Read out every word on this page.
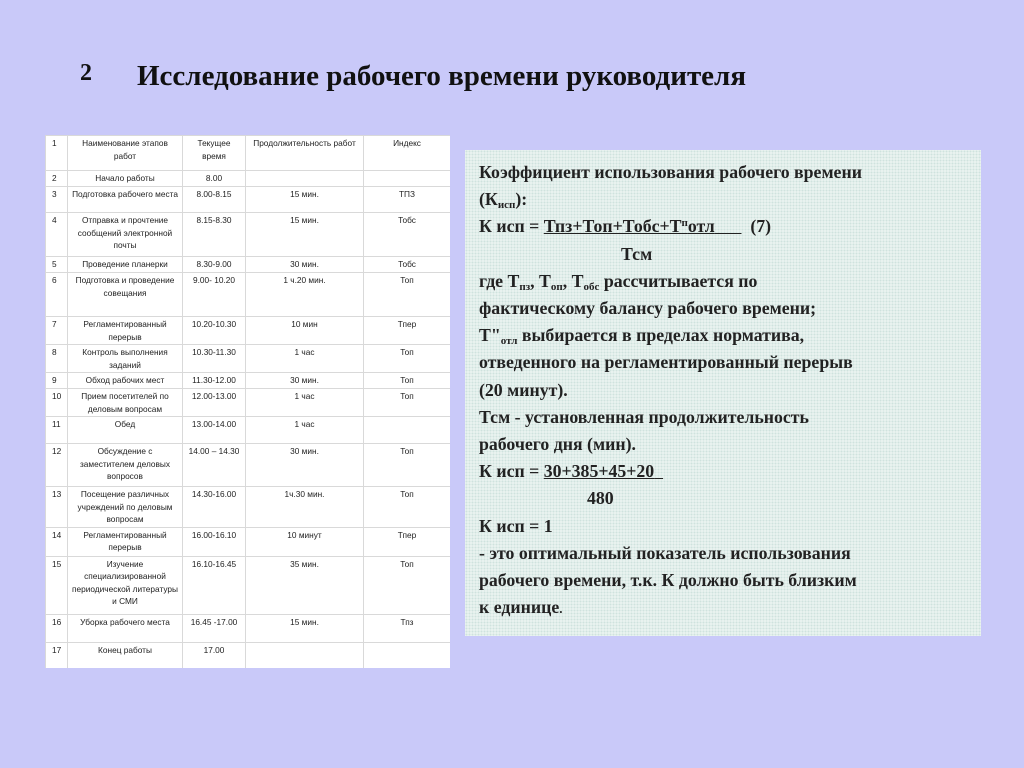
2 Исследование рабочего времени руководителя
1	Наименование этапов работ	Текущее время	Продолжительность работ	Индекс
2	Начало работы	8.00		
3	Подготовка рабочего места	8.00-8.15	15 мин.	ТПЗ
4	Отправка и прочтение сообщений электронной почты	8.15-8.30	15 мин.	Тобс
5	Проведение планерки	8.30-9.00	30 мин.	Тобс
6	Подготовка и проведение совещания	9.00- 10.20	1 ч.20 мин.	Топ
7	Регламентированный перерыв	10.20-10.30	10 мин	Тпер
8	Контроль выполнения заданий	10.30-11.30	1 час	Топ
9	Обход рабочих мест	11.30-12.00	30 мин.	Топ
10	Прием посетителей по деловым вопросам	12.00-13.00	1 час	Топ
11	Обед	13.00-14.00	1 час	
12	Обсуждение с заместителем деловых вопросов	14.00 – 14.30	30 мин.	Топ
13	Посещение различных учреждений по деловым вопросам	14.30-16.00	1ч.30 мин.	Топ
14	Регламентированный перерыв	16.00-16.10	10 минут	Тпер
15	Изучение специализированной периодической литературы и СМИ	16.10-16.45	35 мин.	Топ
16	Уборка рабочего места	16.45 -17.00	15 мин.	Тпз
17	Конец работы	17.00		
Коэффициент использования рабочего времени
$(К_{исп})$:
К исп = $Тпз+Топ+Тобс+Т^потл$ (7)
Тсм
где $Т_{пз}$, $Т_{оп}$, $Т_{обс}$ рассчитывается по
фактическому балансу рабочего времени;
$Т"_{отл}$ выбирается в пределах норматива,
отведенного на регламентированный перерыв
(20 минут).
Тсм - установленная продолжительность
рабочего дня (мин).
К исп = 30+385+45+20
480
К исп = 1
- это оптимальный показатель использования
рабочего времени, т.к. К должно быть близким
к единице.
